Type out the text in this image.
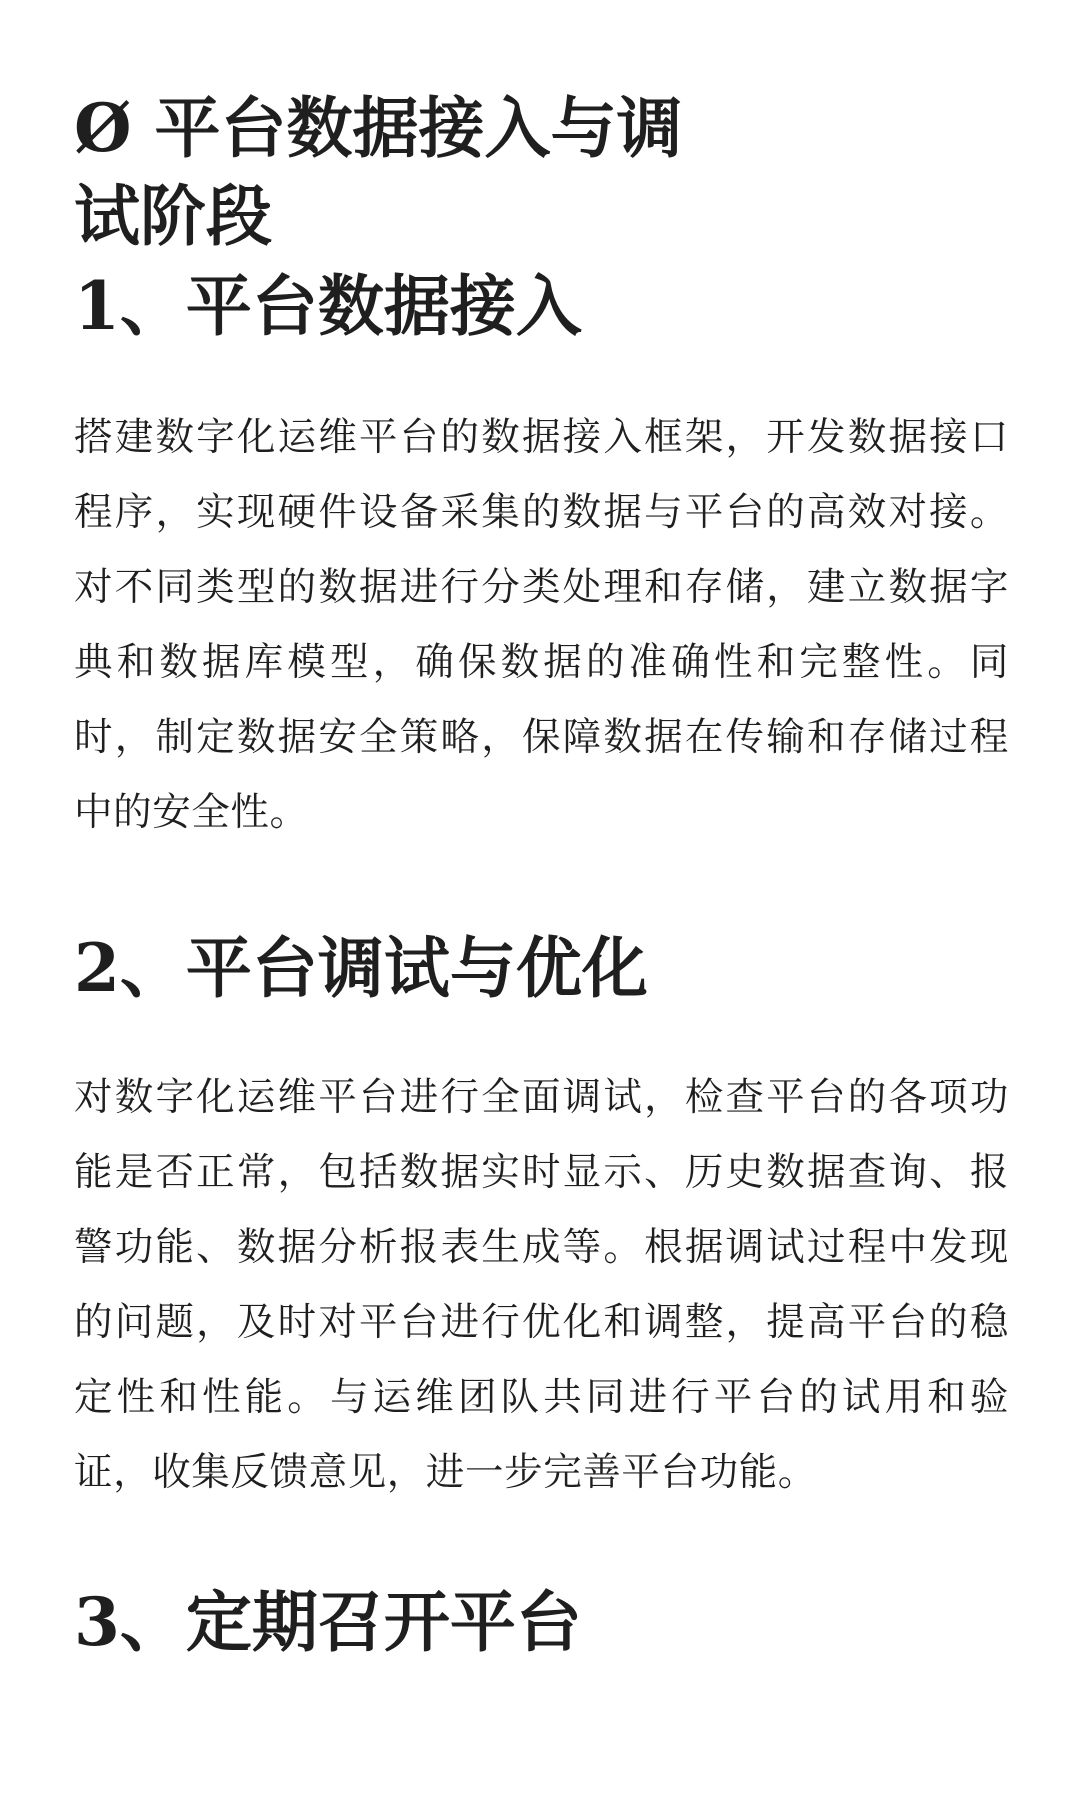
Ø 平台数据接入与调试阶段
1、平台数据接入

搭建数字化运维平台的数据接入框架，开发数据接口程序，实现硬件设备采集的数据与平台的高效对接。对不同类型的数据进行分类处理和存储，建立数据字典和数据库模型，确保数据的准确性和完整性。同时，制定数据安全策略，保障数据在传输和存储过程中的安全性。

2、平台调试与优化

对数字化运维平台进行全面调试，检查平台的各项功能是否正常，包括数据实时显示、历史数据查询、报警功能、数据分析报表生成等。根据调试过程中发现的问题，及时对平台进行优化和调整，提高平台的稳定性和性能。与运维团队共同进行平台的试用和验证，收集反馈意见，进一步完善平台功能。

3、定期召开平台
